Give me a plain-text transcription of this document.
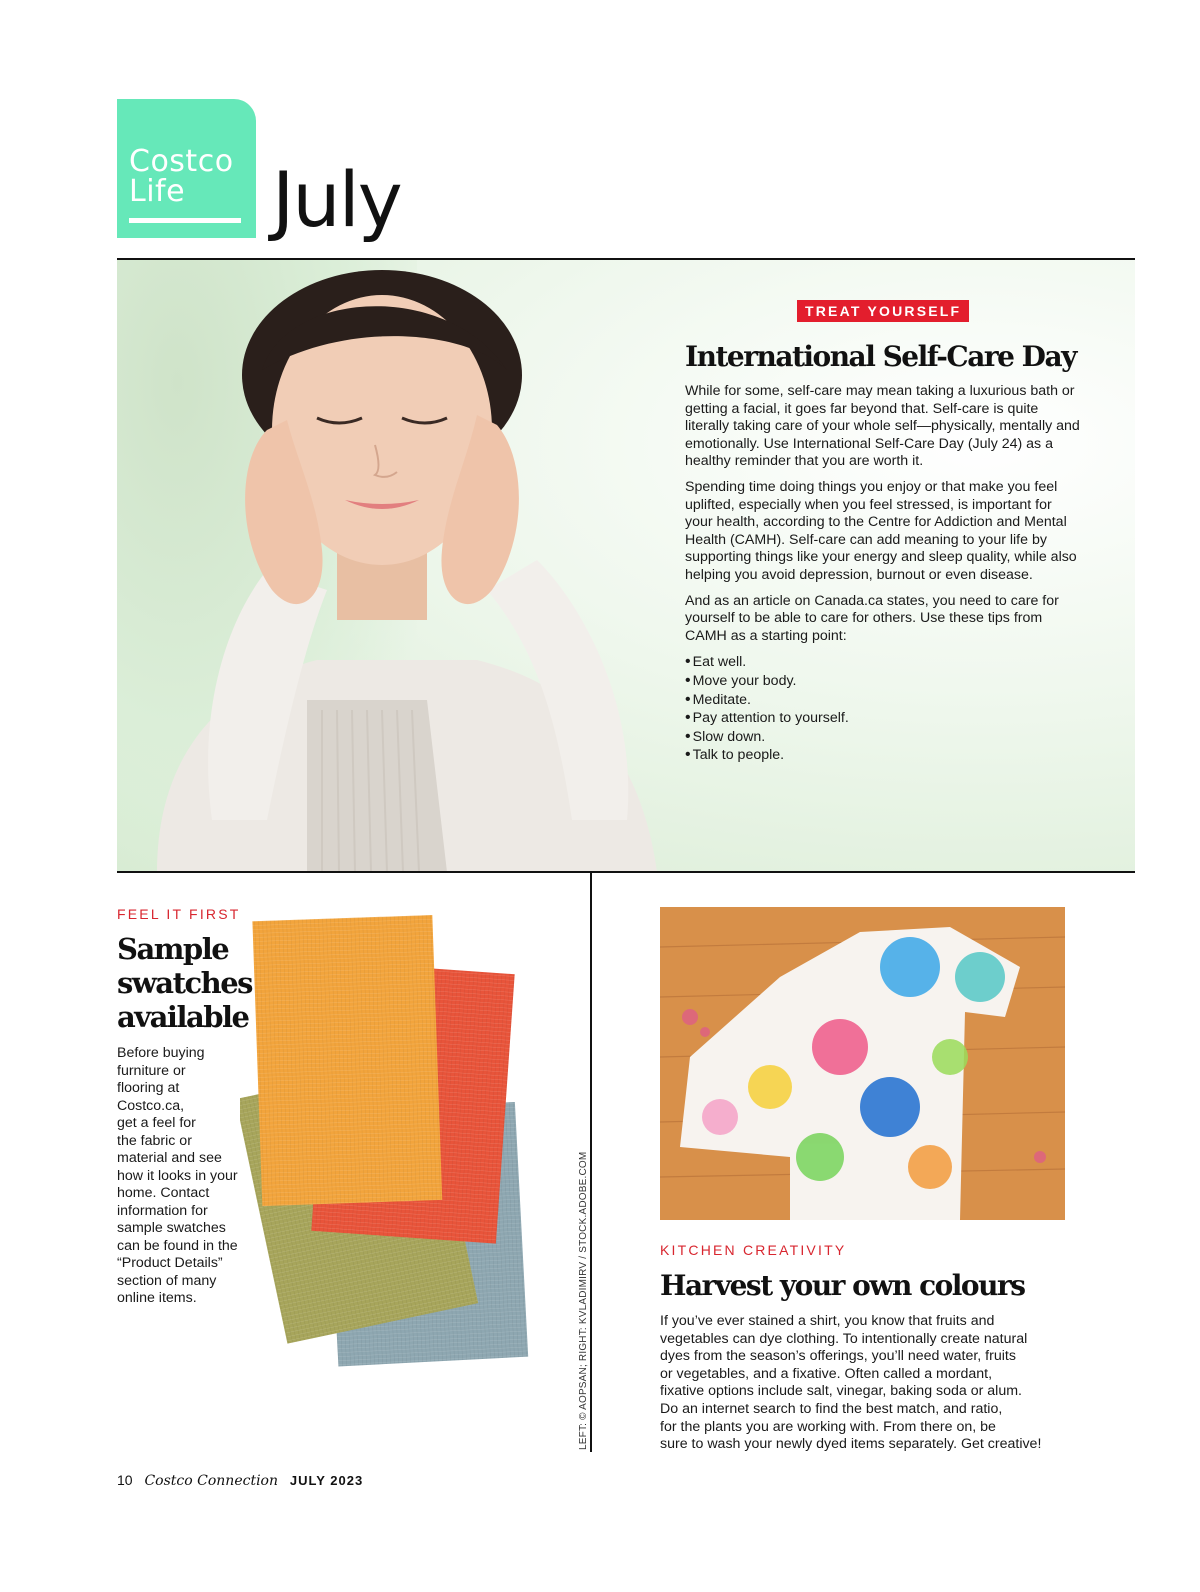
Costco
Life	July
TREAT YOURSELF
International Self-Care Day

While for some, self-care may mean taking a luxurious bath or getting a facial, it goes far beyond that. Self-care is quite literally taking care of your whole self—physically, mentally and emotionally. Use International Self-Care Day (July 24) as a healthy reminder that you are worth it.

Spending time doing things you enjoy or that make you feel uplifted, especially when you feel stressed, is important for your health, according to the Centre for Addiction and Mental Health (CAMH). Self-care can add meaning to your life by supporting things like your energy and sleep quality, while also helping you avoid depression, burnout or even disease.

And as an article on Canada.ca states, you need to care for yourself to be able to care for others. Use these tips from CAMH as a starting point:

• Eat well.
• Move your body.
• Meditate.
• Pay attention to yourself.
• Slow down.
• Talk to people.
FEEL IT FIRST
Sample
swatches
available
Before buying
furniture or
flooring at
Costco.ca,
get a feel for
the fabric or
material and see
how it looks in your
home. Contact
information for
sample swatches
can be found in the
“Product Details”
section of many
online items.	LEFT: © AOPSAN; RIGHT: KVLADIMIRV / STOCK.ADOBE.COM	KITCHEN CREATIVITY
Harvest your own colours
If you’ve ever stained a shirt, you know that fruits and
vegetables can dye clothing. To intentionally create natural
dyes from the season’s offerings, you’ll need water, fruits
or vegetables, and a fixative. Often called a mordant,
fixative options include salt, vinegar, baking soda or alum.
Do an internet search to find the best match, and ratio,
for the plants you are working with. From there on, be
sure to wash your newly dyed items separately. Get creative!
10 Costco Connection JULY 2023
